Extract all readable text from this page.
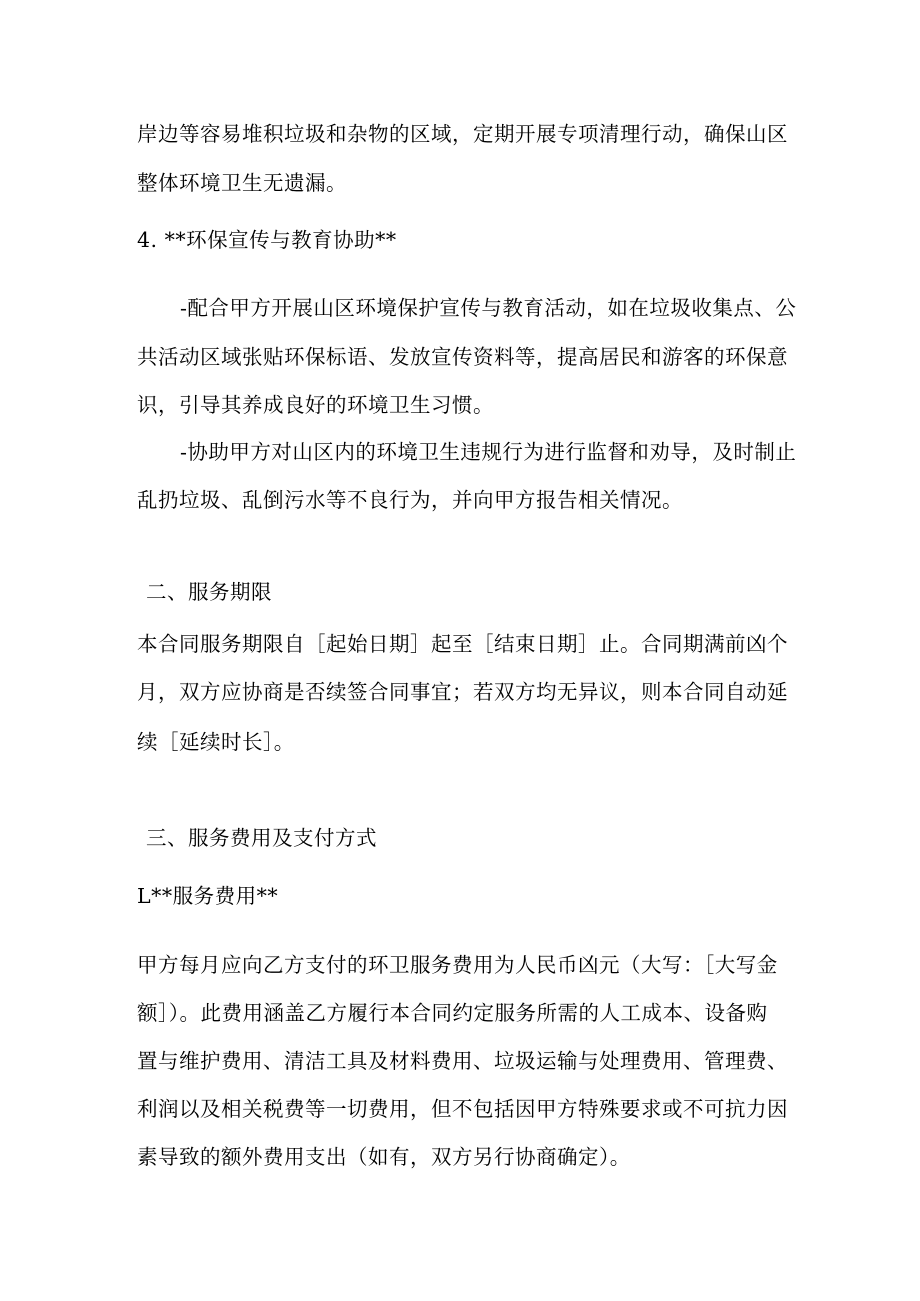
岸边等容易堆积垃圾和杂物的区域，定期开展专项清理行动，确保山区
整体环境卫生无遗漏。
4. **环保宣传与教育协助**
-配合甲方开展山区环境保护宣传与教育活动，如在垃圾收集点、公
共活动区域张贴环保标语、发放宣传资料等，提高居民和游客的环保意
识，引导其养成良好的环境卫生习惯。
-协助甲方对山区内的环境卫生违规行为进行监督和劝导，及时制止
乱扔垃圾、乱倒污水等不良行为，并向甲方报告相关情况。
二、服务期限
本合同服务期限自［起始日期］起至［结束日期］止。合同期满前凶个
月，双方应协商是否续签合同事宜；若双方均无异议，则本合同自动延
续［延续时长］。
三、服务费用及支付方式
L**服务费用**
甲方每月应向乙方支付的环卫服务费用为人民币凶元（大写：［大写金
额］）。此费用涵盖乙方履行本合同约定服务所需的人工成本、设备购
置与维护费用、清洁工具及材料费用、垃圾运输与处理费用、管理费、
利润以及相关税费等一切费用，但不包括因甲方特殊要求或不可抗力因
素导致的额外费用支出（如有，双方另行协商确定）。
